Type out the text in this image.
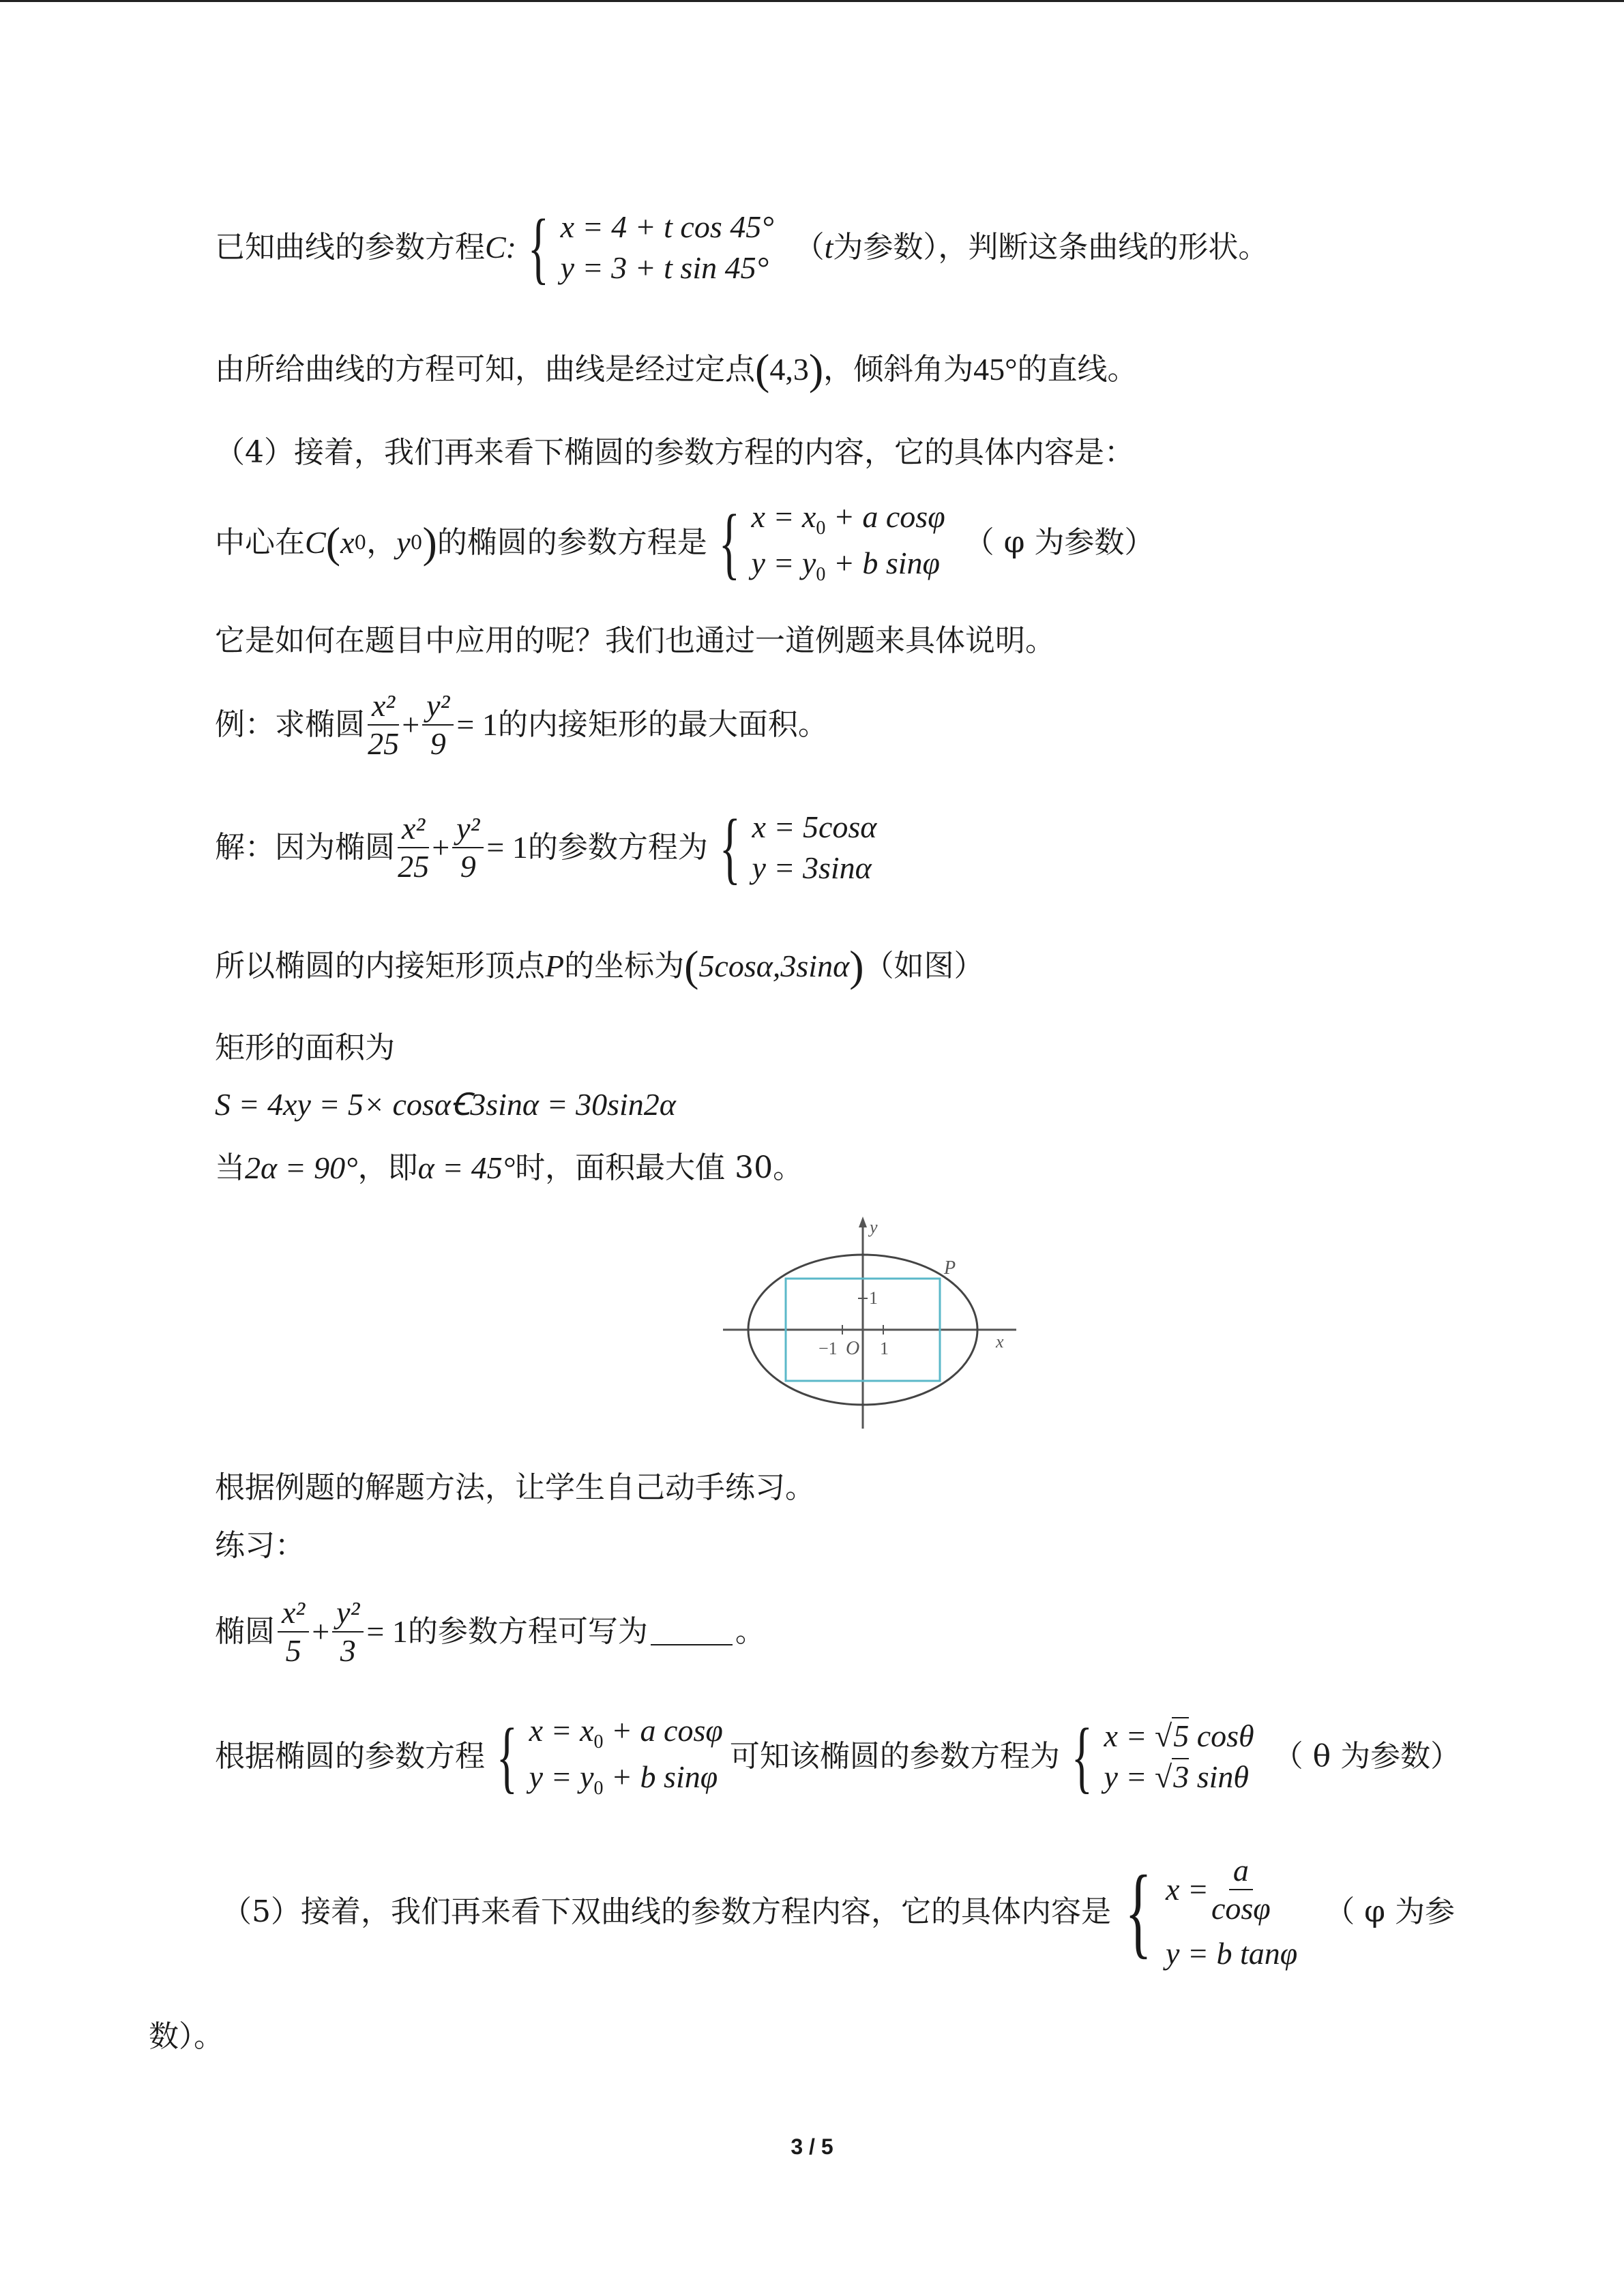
已知曲线的参数方程 C: { x = 4 + t cos 45°
y = 3 + t sin 45°
（ t 为参数），判断这条曲线的形状。
由所给曲线的方程可知，曲线是经过定点 ( 4,3 ) ，倾斜角为 45° 的直线。
（4）接着，我们再来看下椭圆的参数方程的内容，它的具体内容是：
中心在 C ( x 0 ， y 0 ) 的椭圆的参数方程是 { $x = x_0 + a$ cosφ
$y = y_0 + b$ sinφ
（ φ 为参数）
它是如何在题目中应用的呢？我们也通过一道例题来具体说明。
例：求椭圆 $\frac{\text{x²}}{25} + \frac{\text{y²}}{9} = 1$ 的内接矩形的最大面积。
解：因为椭圆 $\frac{\text{x²}}{25} + \frac{\text{y²}}{9} = 1$ 的参数方程为 { x = 5cosα
y = 3sinα
所以椭圆的内接矩形顶点 P 的坐标为 ( 5cosα,3sinα ) （如图）
矩形的面积为
S = 4xy = 5× cosαꞒ3sinα = 30sin2α
当 2α = 90° ，即 α = 45° 时，面积最大值 30。
y
x
P
O
1
−1 1
根据例题的解题方法，让学生自己动手练习。
练习：
椭圆 $\frac{\text{x²}}{5} + \frac{\text{y²}}{3} = 1$ 的参数方程可写为	。
根据椭圆的参数方程 { $x = x_0 + a$ cosφ
$y = y_0 + b$ sinφ
可知该椭圆的参数方程为 { x = √5 cosθ
y = √3 sinθ
（ θ 为参数）
（5）接着，我们再来看下双曲线的参数方程内容，它的具体内容是 { $x = \frac{a}{\cos\varphi}$
y = b tanφ
（ φ 为参
数）。
3 / 5
